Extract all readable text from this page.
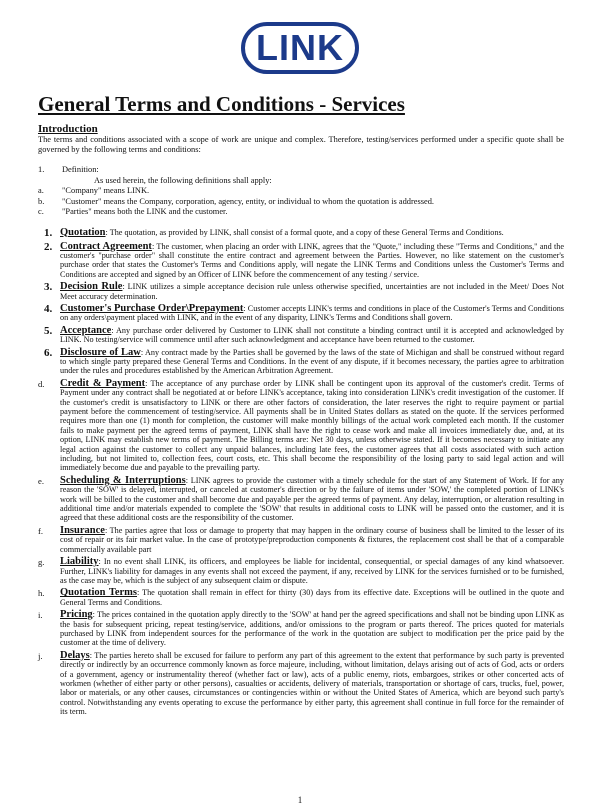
LINK
General Terms and Conditions - Services

Introduction

The terms and conditions associated with a scope of work are unique and complex. Therefore, testing/services performed under a specific quote shall be governed by the following terms and conditions:

1.	Definition:
As used herein, the following definitions shall apply:
a.	"Company" means LINK.
b.	"Customer" means the Company, corporation, agency, entity, or individual to whom the quotation is addressed.
c.	"Parties" means both the LINK and the customer.
1. Quotation: The quotation, as provided by LINK, shall consist of a formal quote, and a copy of these General Terms and Conditions.
2. Contract Agreement: The customer, when placing an order with LINK, agrees that the "Quote," including these "Terms and Conditions," and the customer's "purchase order" shall constitute the entire contract and agreement between the Parties. However, no like statement on the customer's purchase order that states the Customer's Terms and Conditions apply, will negate the LINK Terms and Conditions unless the Customer's Terms and Conditions are accepted and signed by an Officer of LINK before the commencement of any testing / service.
3. Decision Rule: LINK utilizes a simple acceptance decision rule unless otherwise specified, uncertainties are not included in the Meet/ Does Not Meet accuracy determination.
4. Customer's Purchase Order\Prepayment: Customer accepts LINK's terms and conditions in place of the Customer's Terms and Conditions on any orders\payment placed with LINK, and in the event of any disparity, LINK's Terms and Conditions shall govern.
5. Acceptance: Any purchase order delivered by Customer to LINK shall not constitute a binding contract until it is accepted and acknowledged by LINK. No testing/service will commence until after such acknowledgment and acceptance have been returned to the customer.
6. Disclosure of Law: Any contract made by the Parties shall be governed by the laws of the state of Michigan and shall be construed without regard to which single party prepared these General Terms and Conditions. In the event of any dispute, if it becomes necessary, the parties agree to arbitration under the rules and procedures established by the American Arbitration Agreement.
d.	Credit & Payment: The acceptance of any purchase order by LINK shall be contingent upon its approval of the customer's credit. Terms of Payment under any contract shall be negotiated at or before LINK's acceptance, taking into consideration LINK's credit investigation of the customer. If the customer's credit is unsatisfactory to LINK or there are other factors of consideration, the later reserves the right to require payment or partial payment before the commencement of testing/service. All payments shall be in United States dollars as stated on the quote. If the services performed requires more than one (1) month for completion, the customer will make monthly billings of the actual work completed each month. If the customer fails to make payment per the agreed terms of payment, LINK shall have the right to cease work and make all invoices immediately due, and, at its option, LINK may establish new terms of payment. The Billing terms are: Net 30 days, unless otherwise stated. If it becomes necessary to initiate any legal action against the customer to collect any unpaid balances, including late fees, the customer agrees that all costs associated with such action including, but not limited to, collection fees, court costs, etc. This shall become the responsibility of the losing party to said legal action and will immediately become due and payable to the prevailing party.
e.	Scheduling & Interruptions: LINK agrees to provide the customer with a timely schedule for the start of any Statement of Work. If for any reason the 'SOW' is delayed, interrupted, or canceled at customer's direction or by the failure of items under 'SOW,' the completed portion of LINK's work will be billed to the customer and shall become due and payable per the agreed terms of payment. Any delay, interruption, or alteration resulting in additional time and/or materials expended to complete the 'SOW' that results in additional costs to LINK will be passed onto the customer, and it is agreed that these additional costs are the responsibility of the customer.
f.	Insurance: The parties agree that loss or damage to property that may happen in the ordinary course of business shall be limited to the lesser of its cost of repair or its fair market value. In the case of prototype/preproduction components & fixtures, the replacement cost shall be that of a comparable commercially available part
g.	Liability: In no event shall LINK, its officers, and employees be liable for incidental, consequential, or special damages of any kind whatsoever. Further, LINK's liability for damages in any events shall not exceed the payment, if any, received by LINK for the services furnished or to be furnished, as the case may be, which is the subject of any subsequent claim or dispute.
h.	Quotation Terms: The quotation shall remain in effect for thirty (30) days from its effective date. Exceptions will be outlined in the quote and General Terms and Conditions.
i.	Pricing: The prices contained in the quotation apply directly to the 'SOW' at hand per the agreed specifications and shall not be binding upon LINK as the basis for subsequent pricing, repeat testing/service, additions, and/or omissions to the program or parts thereof. The prices quoted for materials purchased by LINK from independent sources for the performance of the work in the quotation are subject to modification per the price paid by the customer at the time of delivery.
j.	Delays: The parties hereto shall be excused for failure to perform any part of this agreement to the extent that performance by such party is prevented directly or indirectly by an occurrence commonly known as force majeure, including, without limitation, delays arising out of acts of God, acts or orders of a government, agency or instrumentality thereof (whether fact or law), acts of a public enemy, riots, embargoes, strikes or other concerted acts of workmen (whether of either party or other persons), casualties or accidents, delivery of materials, transportation or shortage of cars, trucks, fuel, power, labor or materials, or any other causes, circumstances or contingencies within or without the United States of America, which are beyond such party's control. Notwithstanding any events operating to excuse the performance by either party, this agreement shall continue in full force for the remainder of its term.
1
